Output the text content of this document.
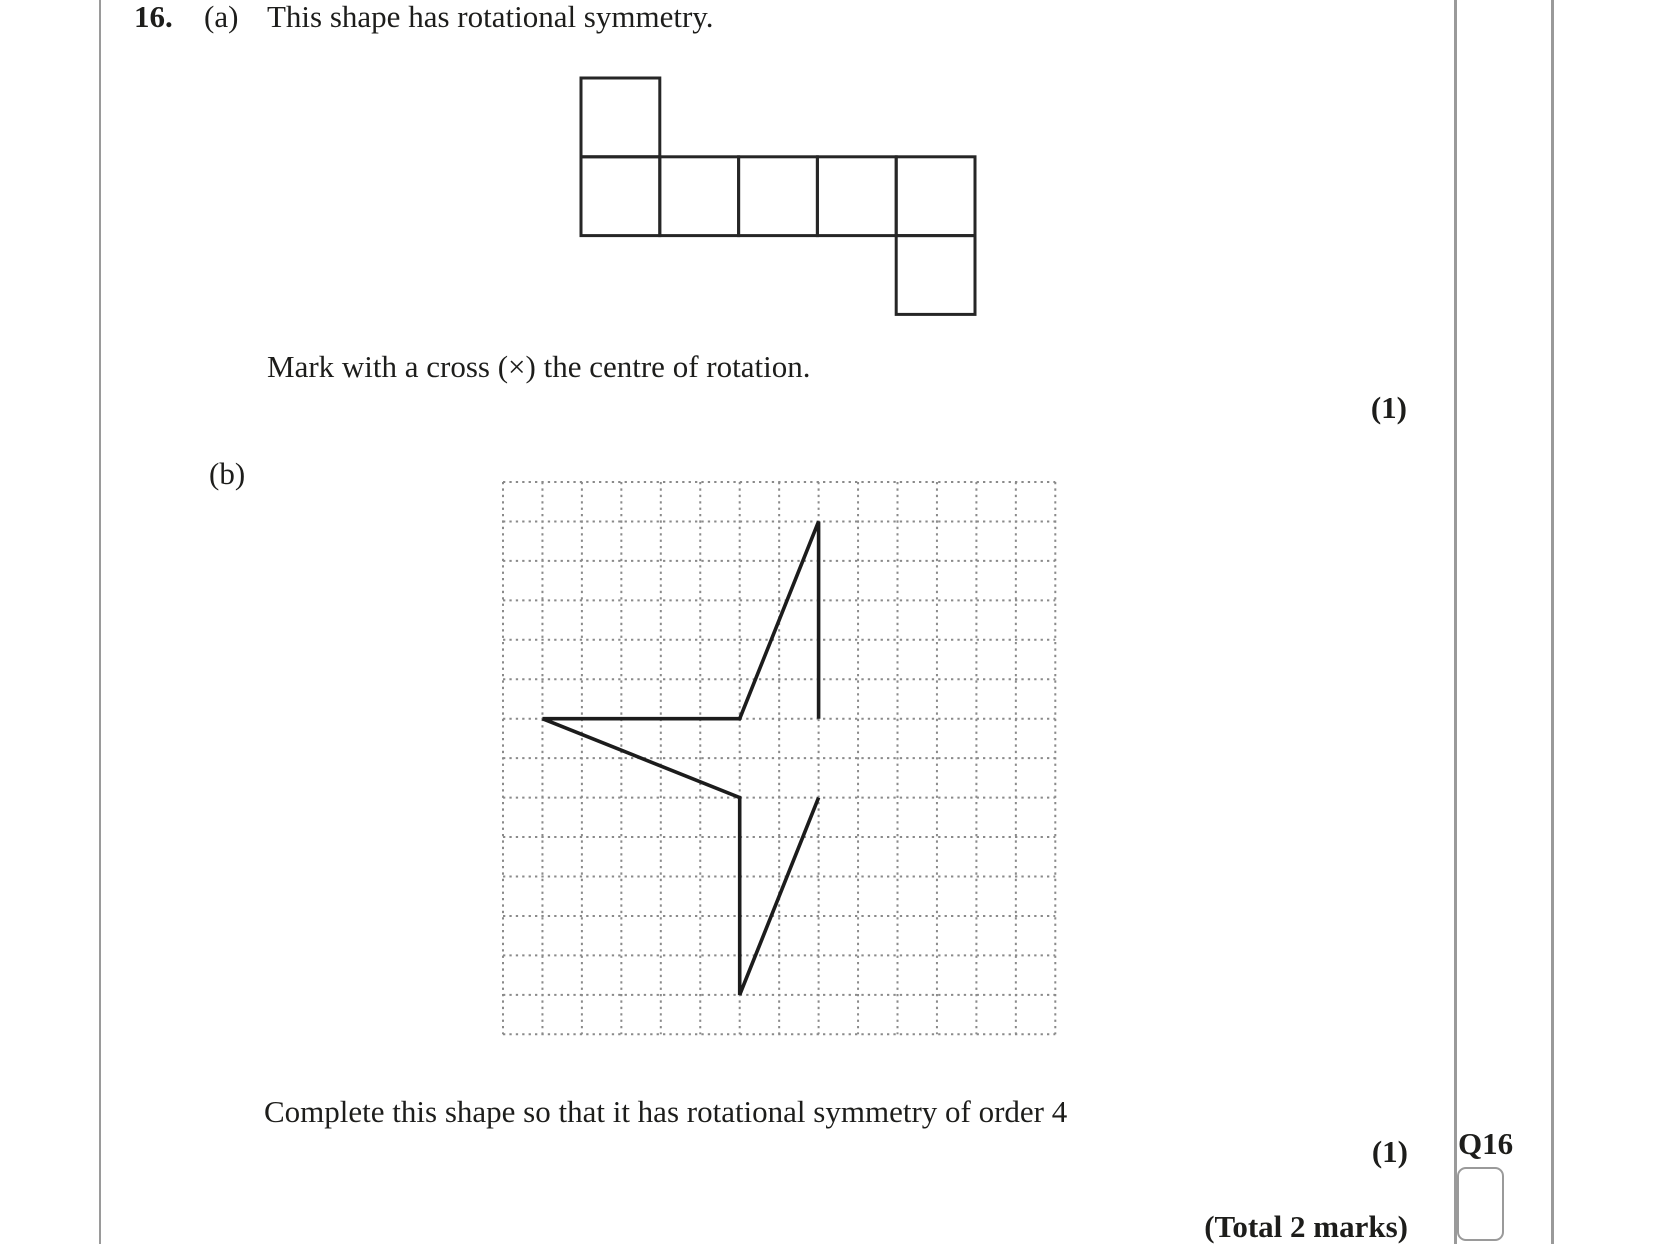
16. (a) This shape has rotational symmetry.
Mark with a cross (×) the centre of rotation.
(1)
(b)
Complete this shape so that it has rotational symmetry of order 4
(1)
(Total 2 marks)
Q16
